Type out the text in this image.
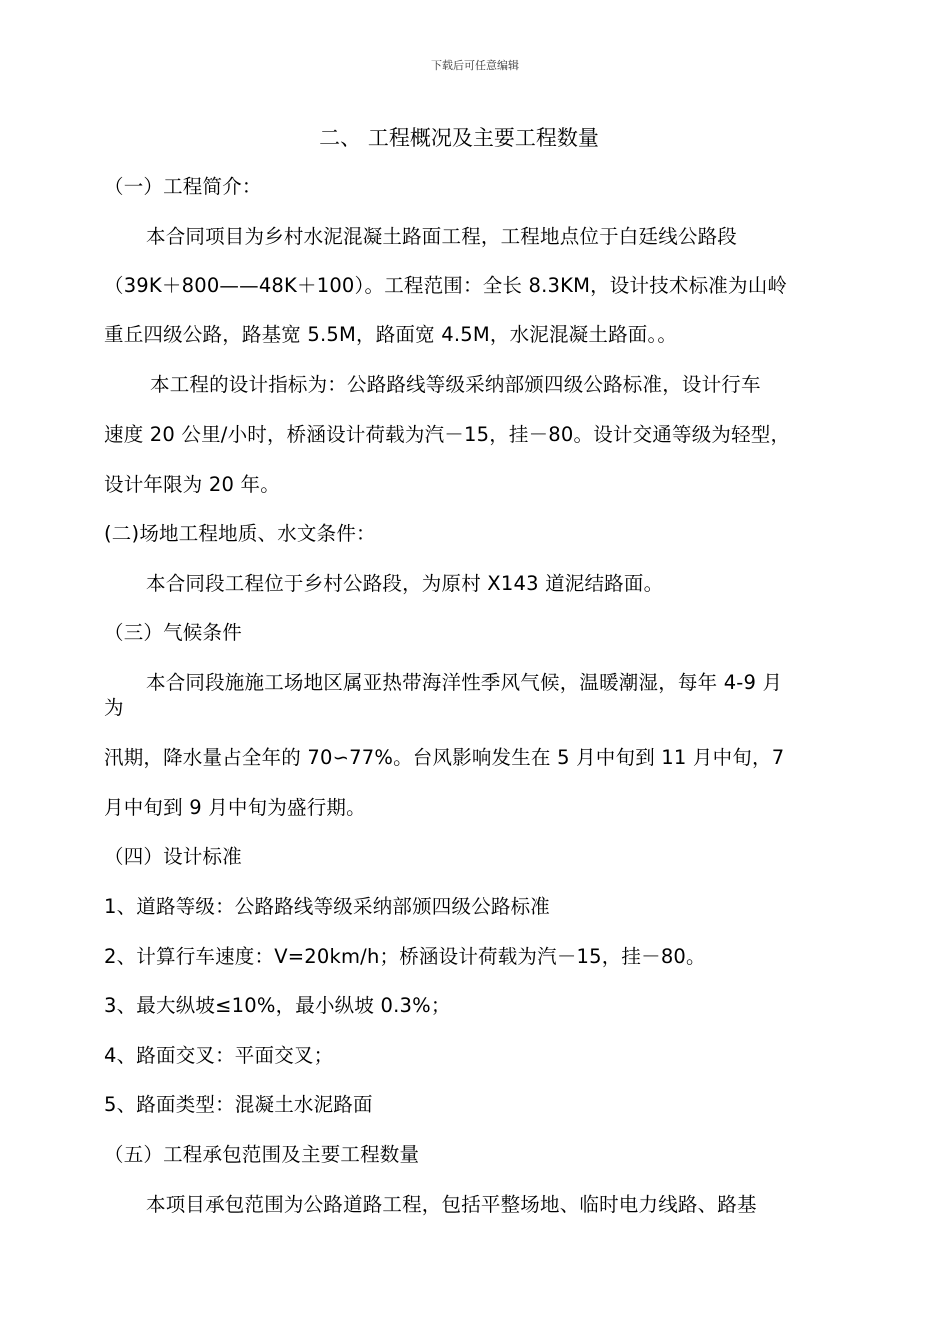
下载后可任意编辑
二、 工程概况及主要工程数量
（一）工程简介：
本合同项目为乡村水泥混凝土路面工程，工程地点位于白廷线公路段
（39K＋800——48K＋100）。工程范围：全长 8.3KM，设计技术标准为山岭
重丘四级公路，路基宽 5.5M，路面宽 4.5M，水泥混凝土路面。。
本工程的设计指标为：公路路线等级采纳部颁四级公路标准，设计行车
速度 20 公里/小时，桥涵设计荷载为汽－15，挂－80。设计交通等级为轻型，
设计年限为 20 年。
(二)场地工程地质、水文条件：
本合同段工程位于乡村公路段，为原村 X143 道泥结路面。
（三）气候条件
本合同段施施工场地区属亚热带海洋性季风气候，温暖潮湿，每年 4-9 月
为
汛期，降水量占全年的 70∽77%。台风影响发生在 5 月中旬到 11 月中旬，7
月中旬到 9 月中旬为盛行期。
（四）设计标准
1、道路等级：公路路线等级采纳部颁四级公路标准
2、计算行车速度：V=20km/h；桥涵设计荷载为汽－15，挂－80。
3、最大纵坡≤10%，最小纵坡 0.3%；
4、路面交叉：平面交叉；
5、路面类型：混凝土水泥路面
（五）工程承包范围及主要工程数量
本项目承包范围为公路道路工程，包括平整场地、临时电力线路、路基
